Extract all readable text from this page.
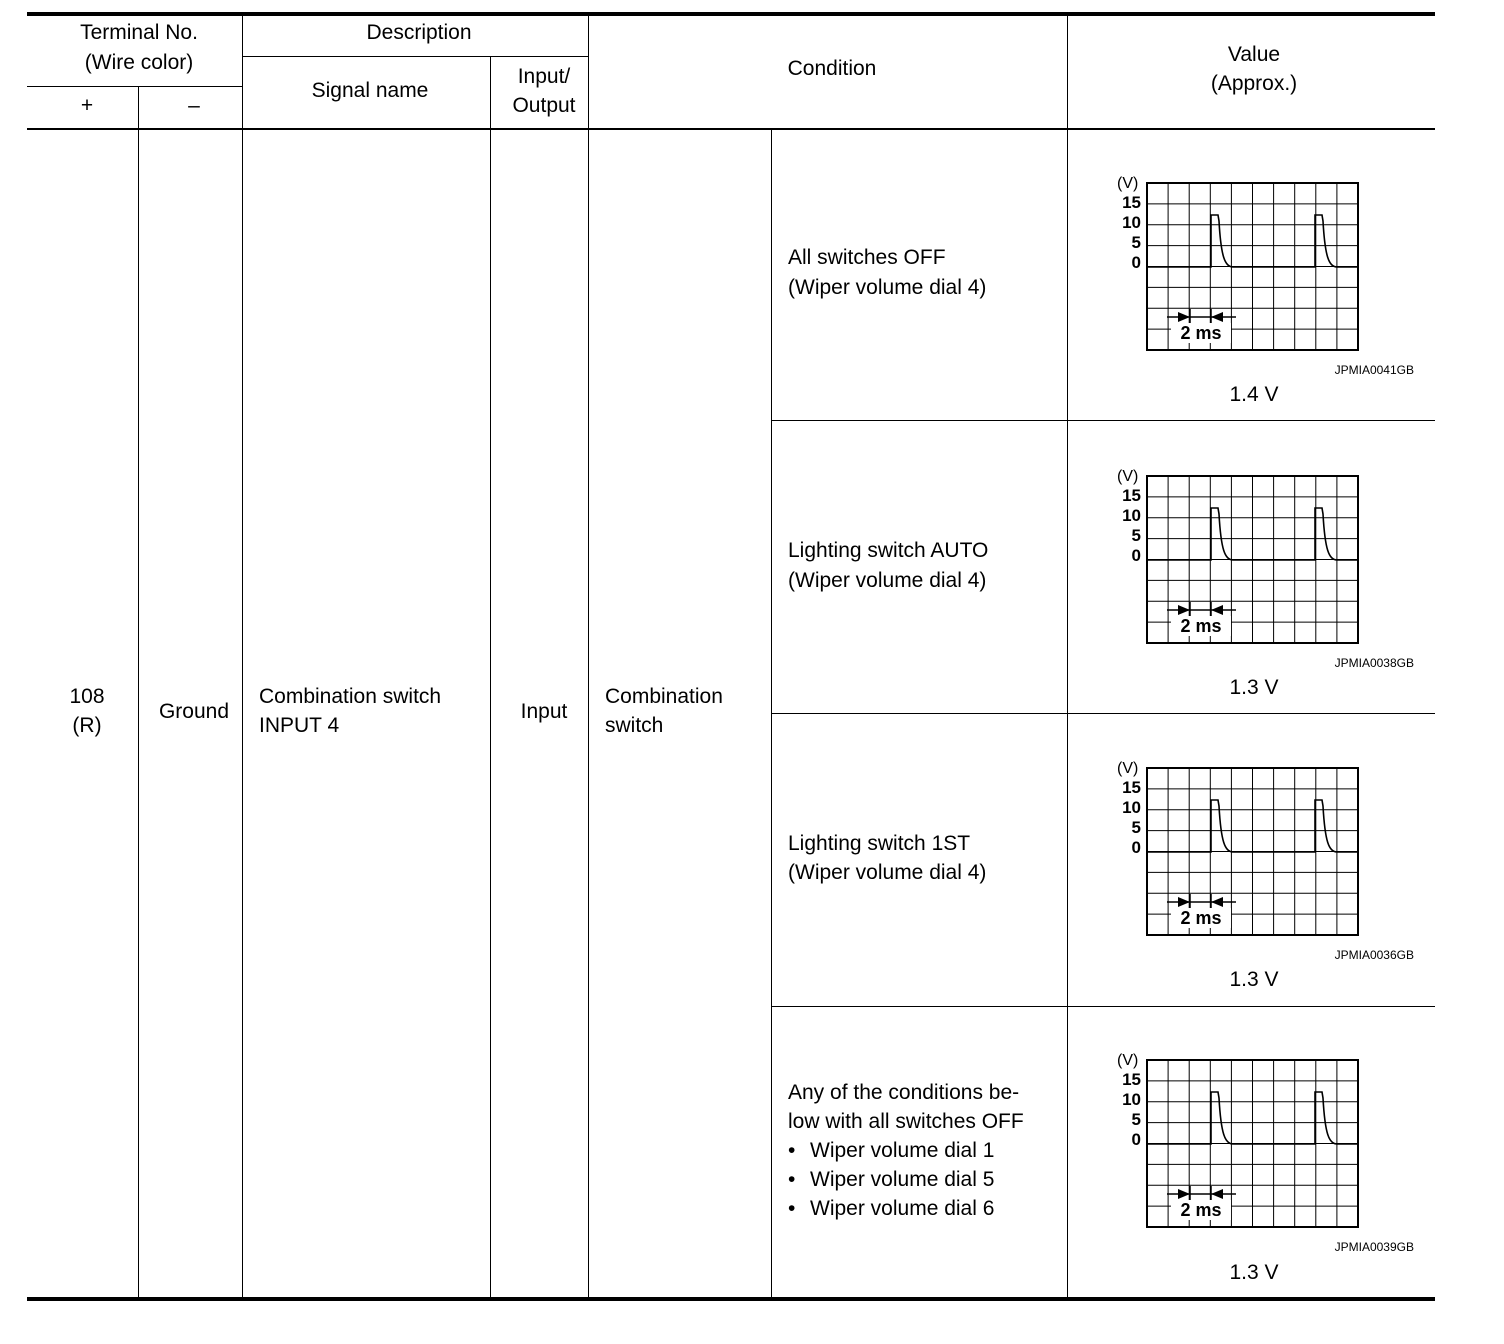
Terminal No.
(Wire color)
+	–
Description
Signal name
Input/
Output
Condition
Value
(Approx.)
108
(R)
Ground
Combination switch
INPUT 4
Input
Combination
switch
All switches OFF
(Wiper volume dial 4)
(V)
15
10
5
0
2 ms
JPMIA0041GB
1.4 V
Lighting switch AUTO
(Wiper volume dial 4)
(V)
15
10
5
0
2 ms
JPMIA0038GB
1.3 V
Lighting switch 1ST
(Wiper volume dial 4)
(V)
15
10
5
0
2 ms
JPMIA0036GB
1.3 V
Any of the conditions be-
low with all switches OFF
• Wiper volume dial 1
• Wiper volume dial 5
• Wiper volume dial 6
(V)
15
10
5
0
2 ms
JPMIA0039GB
1.3 V
